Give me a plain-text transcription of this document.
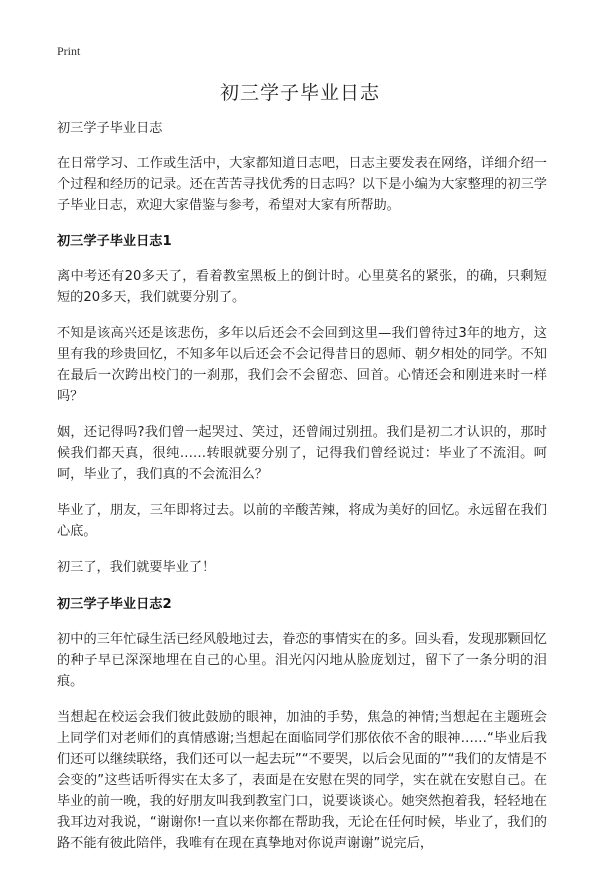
Print
初三学子毕业日志

初三学子毕业日志

在日常学习、工作或生活中，大家都知道日志吧，日志主要发表在网络，详细介绍一个过程和经历的记录。还在苦苦寻找优秀的日志吗？以下是小编为大家整理的初三学子毕业日志，欢迎大家借鉴与参考，希望对大家有所帮助。

初三学子毕业日志1

离中考还有20多天了，看着教室黑板上的倒计时。心里莫名的紧张，的确，只剩短短的20多天，我们就要分别了。

不知是该高兴还是该悲伤，多年以后还会不会回到这里—我们曾待过3年的地方，这里有我的珍贵回忆，不知多年以后还会不会记得昔日的恩师、朝夕相处的同学。不知在最后一次跨出校门的一刹那，我们会不会留恋、回首。心情还会和刚进来时一样吗？

姻，还记得吗?我们曾一起哭过、笑过，还曾闹过别扭。我们是初二才认识的，那时候我们都天真，很纯……转眼就要分别了，记得我们曾经说过：毕业了不流泪。呵呵，毕业了，我们真的不会流泪么？

毕业了，朋友，三年即将过去。以前的辛酸苦辣，将成为美好的回忆。永远留在我们心底。

初三了，我们就要毕业了！

初三学子毕业日志2

初中的三年忙碌生活已经风般地过去，眷恋的事情实在的多。回头看，发现那颗回忆的种子早已深深地埋在自己的心里。泪光闪闪地从脸庞划过，留下了一条分明的泪痕。

当想起在校运会我们彼此鼓励的眼神，加油的手势，焦急的神情;当想起在主题班会上同学们对老师们的真情感谢;当想起在面临同学们那依依不舍的眼神……“毕业后我们还可以继续联络，我们还可以一起去玩”“不要哭，以后会见面的”“我们的友情是不会变的”这些话听得实在太多了，表面是在安慰在哭的同学，实在就在安慰自己。在毕业的前一晚，我的好朋友叫我到教室门口，说要谈谈心。她突然抱着我，轻轻地在我耳边对我说，“谢谢你!一直以来你都在帮助我，无论在任何时候，毕业了，我们的路不能有彼此陪伴，我唯有在现在真挚地对你说声谢谢”说完后，
